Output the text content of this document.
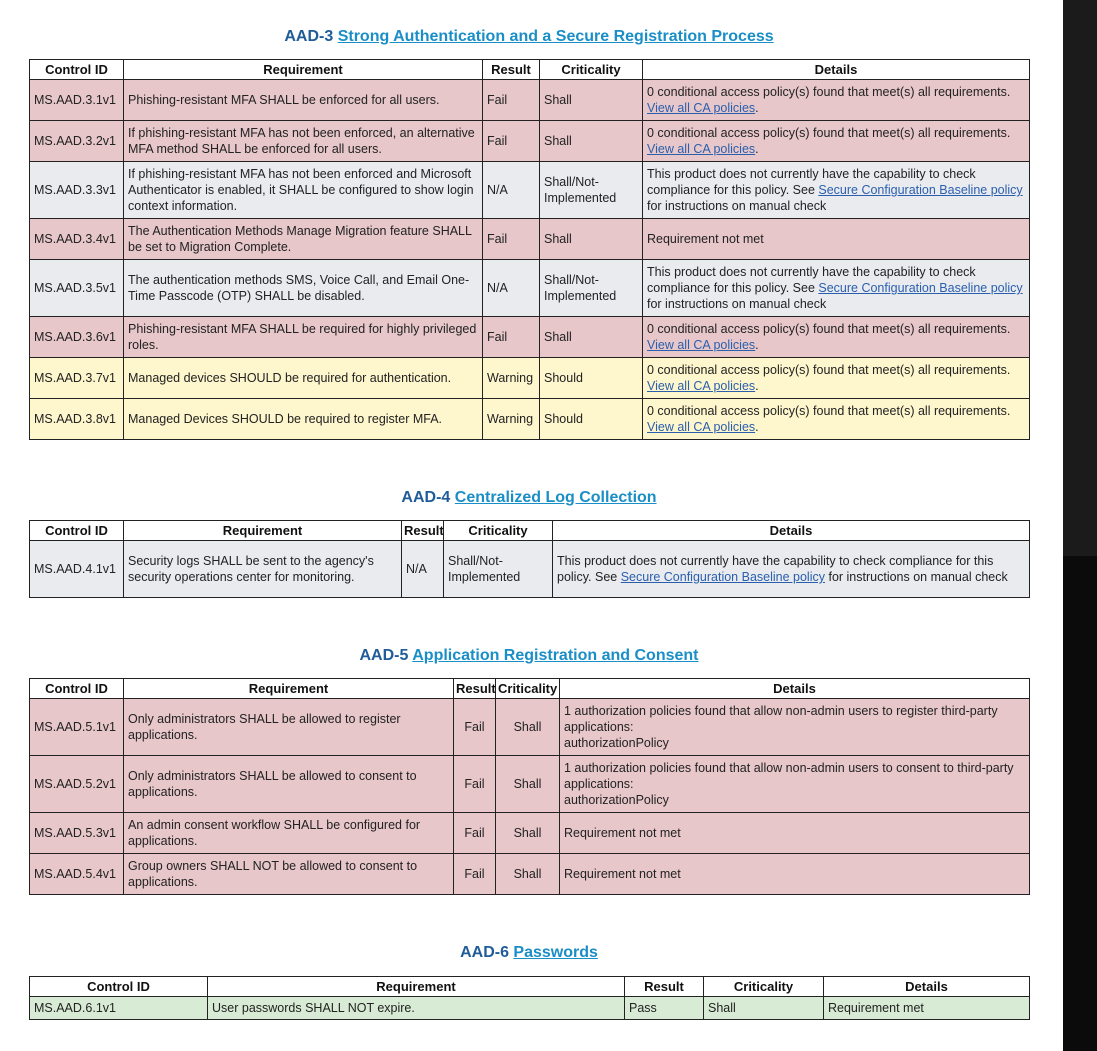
AAD-3 Strong Authentication and a Secure Registration Process
Control ID	Requirement	Result	Criticality	Details
MS.AAD.3.1v1	Phishing-resistant MFA SHALL be enforced for all users.	Fail	Shall	0 conditional access policy(s) found that meet(s) all requirements. View all CA policies.
MS.AAD.3.2v1	If phishing-resistant MFA has not been enforced, an alternative MFA method SHALL be enforced for all users.	Fail	Shall	0 conditional access policy(s) found that meet(s) all requirements. View all CA policies.
MS.AAD.3.3v1	If phishing-resistant MFA has not been enforced and Microsoft Authenticator is enabled, it SHALL be configured to show login context information.	N/A	Shall/Not-Implemented	This product does not currently have the capability to check compliance for this policy. See Secure Configuration Baseline policy for instructions on manual check
MS.AAD.3.4v1	The Authentication Methods Manage Migration feature SHALL be set to Migration Complete.	Fail	Shall	Requirement not met
MS.AAD.3.5v1	The authentication methods SMS, Voice Call, and Email One-Time Passcode (OTP) SHALL be disabled.	N/A	Shall/Not-Implemented	This product does not currently have the capability to check compliance for this policy. See Secure Configuration Baseline policy for instructions on manual check
MS.AAD.3.6v1	Phishing-resistant MFA SHALL be required for highly privileged roles.	Fail	Shall	0 conditional access policy(s) found that meet(s) all requirements. View all CA policies.
MS.AAD.3.7v1	Managed devices SHOULD be required for authentication.	Warning	Should	0 conditional access policy(s) found that meet(s) all requirements. View all CA policies.
MS.AAD.3.8v1	Managed Devices SHOULD be required to register MFA.	Warning	Should	0 conditional access policy(s) found that meet(s) all requirements. View all CA policies.
AAD-4 Centralized Log Collection
Control ID	Requirement	Result	Criticality	Details
MS.AAD.4.1v1	Security logs SHALL be sent to the agency's security operations center for monitoring.	N/A	Shall/Not-Implemented	This product does not currently have the capability to check compliance for this policy. See Secure Configuration Baseline policy for instructions on manual check
AAD-5 Application Registration and Consent
Control ID	Requirement	Result	Criticality	Details
MS.AAD.5.1v1	Only administrators SHALL be allowed to register applications.	Fail	Shall	1 authorization policies found that allow non-admin users to register third-party applications:
authorizationPolicy
MS.AAD.5.2v1	Only administrators SHALL be allowed to consent to applications.	Fail	Shall	1 authorization policies found that allow non-admin users to consent to third-party applications:
authorizationPolicy
MS.AAD.5.3v1	An admin consent workflow SHALL be configured for applications.	Fail	Shall	Requirement not met
MS.AAD.5.4v1	Group owners SHALL NOT be allowed to consent to applications.	Fail	Shall	Requirement not met
AAD-6 Passwords
Control ID	Requirement	Result	Criticality	Details
MS.AAD.6.1v1	User passwords SHALL NOT expire.	Pass	Shall	Requirement met
